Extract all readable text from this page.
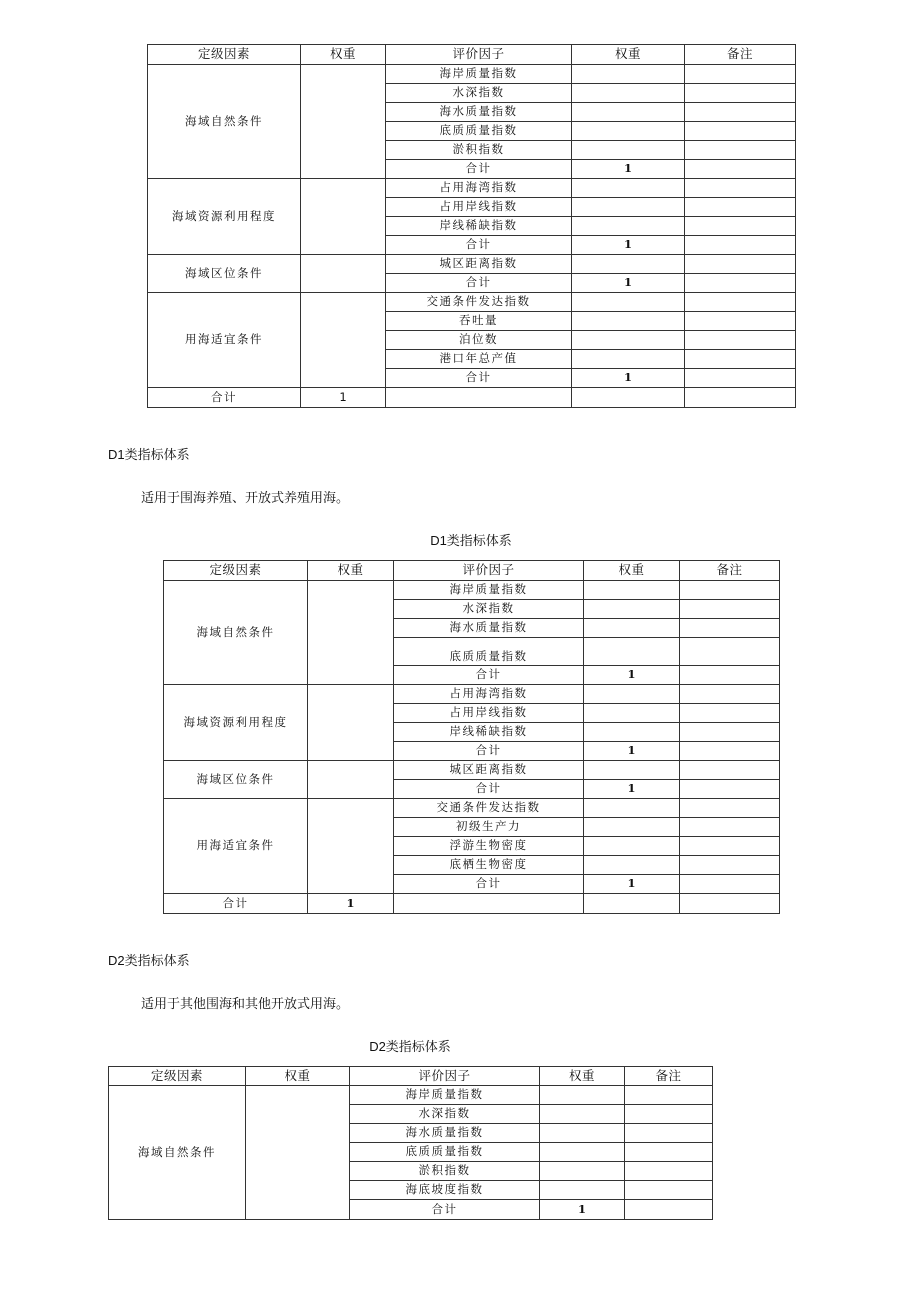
定级因素	权重	评价因子	权重	备注
海域自然条件		海岸质量指数		
		水深指数		
		海水质量指数		
		底质质量指数		
		淤积指数		
		合计	1	
海域资源利用程度		占用海湾指数		
		占用岸线指数		
		岸线稀缺指数		
		合计	1	
海域区位条件		城区距离指数		
		合计	1	
用海适宜条件		交通条件发达指数		
		吞吐量		
		泊位数		
		港口年总产值		
		合计	1	
合计	1			
D1类指标体系
适用于围海养殖、开放式养殖用海。
D1类指标体系
定级因素	权重	评价因子	权重	备注
海域自然条件		海岸质量指数		
		水深指数		
		海水质量指数		
		底质质量指数		
		合计	1	
海域资源利用程度		占用海湾指数		
		占用岸线指数		
		岸线稀缺指数		
		合计	1	
海域区位条件		城区距离指数		
		合计	1	
用海适宜条件		交通条件发达指数		
		初级生产力		
		浮游生物密度		
		底栖生物密度		
		合计	1	
合计	1			
D2类指标体系
适用于其他围海和其他开放式用海。
D2类指标体系
定级因素	权重	评价因子	权重	备注
海域自然条件		海岸质量指数		
		水深指数		
		海水质量指数		
		底质质量指数		
		淤积指数		
		海底坡度指数		
		合计	1	
